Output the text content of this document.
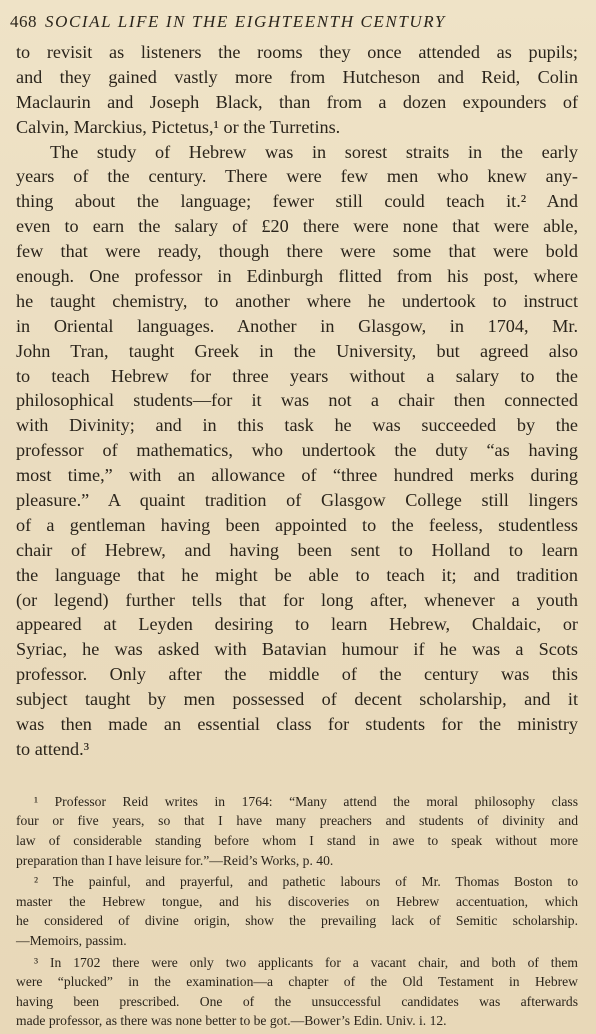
468 SOCIAL LIFE IN THE EIGHTEENTH CENTURY
to revisit as listeners the rooms they once attended as pupils;
and they gained vastly more from Hutcheson and Reid, Colin
Maclaurin and Joseph Black, than from a dozen expounders of
Calvin, Marckius, Pictetus,¹ or the Turretins.
The study of Hebrew was in sorest straits in the early
years of the century. There were few men who knew any-
thing about the language; fewer still could teach it.² And
even to earn the salary of £20 there were none that were able,
few that were ready, though there were some that were bold
enough. One professor in Edinburgh flitted from his post, where
he taught chemistry, to another where he undertook to instruct
in Oriental languages. Another in Glasgow, in 1704, Mr.
John Tran, taught Greek in the University, but agreed also
to teach Hebrew for three years without a salary to the
philosophical students—for it was not a chair then connected
with Divinity; and in this task he was succeeded by the
professor of mathematics, who undertook the duty “as having
most time,” with an allowance of “three hundred merks during
pleasure.” A quaint tradition of Glasgow College still lingers
of a gentleman having been appointed to the feeless, studentless
chair of Hebrew, and having been sent to Holland to learn
the language that he might be able to teach it; and tradition
(or legend) further tells that for long after, whenever a youth
appeared at Leyden desiring to learn Hebrew, Chaldaic, or
Syriac, he was asked with Batavian humour if he was a Scots
professor. Only after the middle of the century was this
subject taught by men possessed of decent scholarship, and it
was then made an essential class for students for the ministry
to attend.³
¹ Professor Reid writes in 1764: “Many attend the moral philosophy class
four or five years, so that I have many preachers and students of divinity and
law of considerable standing before whom I stand in awe to speak without more
preparation than I have leisure for.”—Reid’s Works, p. 40.
² The painful, and prayerful, and pathetic labours of Mr. Thomas Boston to
master the Hebrew tongue, and his discoveries on Hebrew accentuation, which
he considered of divine origin, show the prevailing lack of Semitic scholarship.
—Memoirs, passim.
³ In 1702 there were only two applicants for a vacant chair, and both of them
were “plucked” in the examination—a chapter of the Old Testament in Hebrew
having been prescribed. One of the unsuccessful candidates was afterwards
made professor, as there was none better to be got.—Bower’s Edin. Univ. i. 12.
